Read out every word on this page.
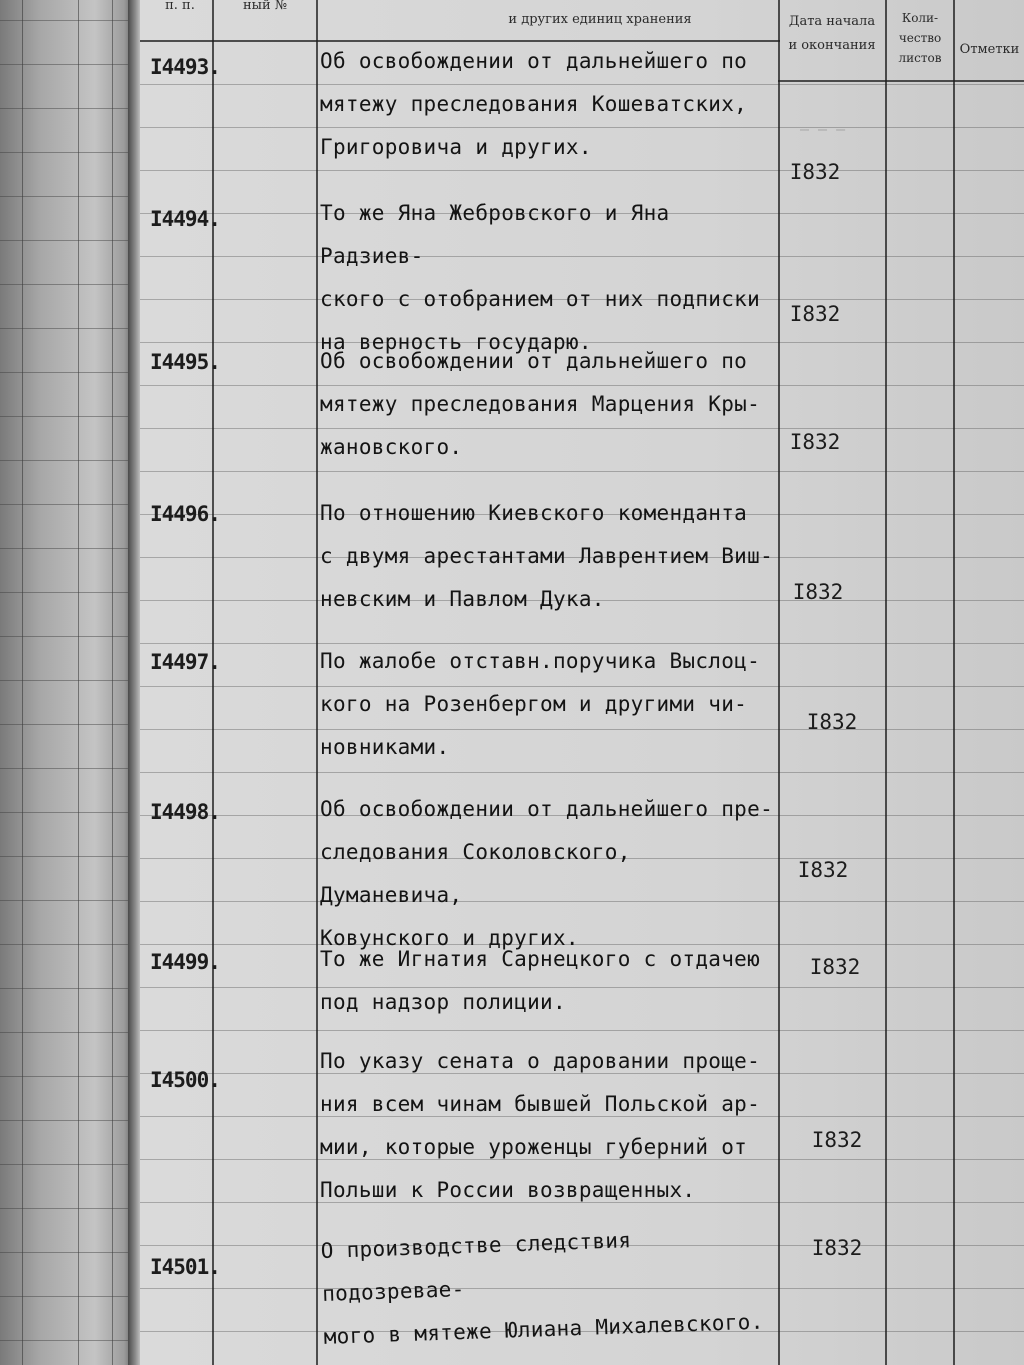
п. п.	ный №
и других единиц хранения	Дата начала
и окончания
Коли-
чество
листов
Отметки
— — —
I4493.	Об освобождении от дальнейшего по
мятежу преследования Кошеватских,
Григоровича и других.
I832
I4494.	То же Яна Жебровского и Яна Радзиев-
ского с отобранием от них подписки
на верность государю.
I832
I4495.	Об освобождении от дальнейшего по
мятежу преследования Марцения Кры-
жановского.	I832
I4496.	По отношению Киевского коменданта
с двумя арестантами Лаврентием Виш-
невским и Павлом Дука.	I832
I4497.	По жалобе отставн.поручика Выслоц-
кого на Розенбергом и другими чи-
новниками.
I832
I4498.	Об освобождении от дальнейшего пре-
следования Соколовского, Думаневича,
Ковунского и других.
I832
I4499.	То же Игнатия Сарнецкого с отдачею
под надзор полиции.
I832
I4500.
По указу сената о даровании проще-
ния всем чинам бывшей Польской ар-
мии, которые уроженцы губерний от
Польши к России возвращенных.
I832
I4501.
О производстве следствия подозревае-
мого в мятеже Юлиана Михалевского.
I832
